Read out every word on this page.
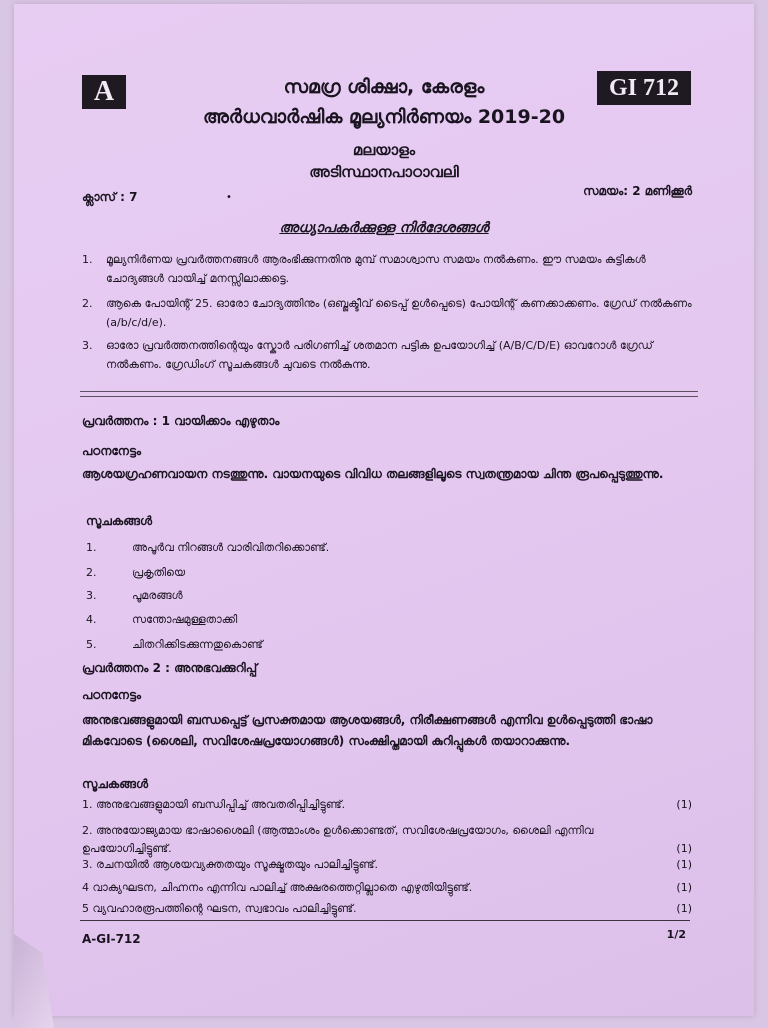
A	GI 712
സമഗ്ര ശിക്ഷാ, കേരളം
അർധവാർഷിക മൂല്യനിർണയം 2019-20
മലയാളം
അടിസ്ഥാനപാഠാവലി
ക്ലാസ് : 7	•	സമയം: 2 മണിക്കൂർ
അധ്യാപകർക്കുള്ള നിർദേശങ്ങൾ
1. മൂല്യനിർണയ പ്രവർത്തനങ്ങൾ ആരംഭിക്കുന്നതിനു മുമ്പ് സമാശ്വാസ സമയം നൽകണം. ഈ സമയം കുട്ടികൾ ചോദ്യങ്ങൾ വായിച്ച് മനസ്സിലാക്കട്ടെ.
2. ആകെ പോയിന്റ് 25. ഓരോ ചോദ്യത്തിനും (ഒബ്ജക്ടീവ് ടൈപ്പ് ഉൾപ്പെടെ) പോയിന്റ് കണക്കാക്കണം. ഗ്രേഡ് നൽകണം (a/b/c/d/e).
3. ഓരോ പ്രവർത്തനത്തിന്റെയും സ്കോർ പരിഗണിച്ച് ശതമാന പട്ടിക ഉപയോഗിച്ച് (A/B/C/D/E) ഓവറോൾ ഗ്രേഡ് നൽകണം. ഗ്രേഡിംഗ് സൂചകങ്ങൾ ചുവടെ നൽകുന്നു.
പ്രവർത്തനം : 1 വായിക്കാം എഴുതാം
പഠനനേട്ടം
ആശയഗ്രഹണവായന നടത്തുന്നു. വായനയുടെ വിവിധ തലങ്ങളിലൂടെ സ്വതന്ത്രമായ ചിന്ത രൂപപ്പെടുത്തുന്നു.
സൂചകങ്ങൾ
1.	അപൂർവ നിറങ്ങൾ വാരിവിതറിക്കൊണ്ട്.
2.	പ്രകൃതിയെ
3.	പൂമരങ്ങൾ
4.	സന്തോഷമുള്ളതാക്കി
5.	ചിതറിക്കിടക്കുന്നതുകൊണ്ട്
പ്രവർത്തനം 2 : അനുഭവക്കുറിപ്പ്
പഠനനേട്ടം
അനുഭവങ്ങളുമായി ബന്ധപ്പെട്ട് പ്രസക്തമായ ആശയങ്ങൾ, നിരീക്ഷണങ്ങൾ എന്നിവ ഉൾപ്പെടുത്തി ഭാഷാ മികവോടെ (ശൈലി, സവിശേഷപ്രയോഗങ്ങൾ) സംക്ഷിപ്തമായി കുറിപ്പുകൾ തയാറാക്കുന്നു.
സൂചകങ്ങൾ
1. അനുഭവങ്ങളുമായി ബന്ധിപ്പിച്ച് അവതരിപ്പിച്ചിട്ടുണ്ട്.	(1)
2. അനുയോജ്യമായ ഭാഷാശൈലി (ആത്മാംശം ഉൾക്കൊണ്ടത്, സവിശേഷപ്രയോഗം, ശൈലി എന്നിവ ഉപയോഗിച്ചിട്ടുണ്ട്.	(1)
3. രചനയിൽ ആശയവ്യക്തതയും സൂക്ഷ്മതയും പാലിച്ചിട്ടുണ്ട്.	(1)
4 വാക്യഘടന, ചിഹ്നനം എന്നിവ പാലിച്ച് അക്ഷരത്തെറ്റില്ലാതെ എഴുതിയിട്ടുണ്ട്.	(1)
5 വ്യവഹാരരൂപത്തിന്റെ ഘടന, സ്വഭാവം പാലിച്ചിട്ടുണ്ട്.	(1)
A-GI-712	1/2
